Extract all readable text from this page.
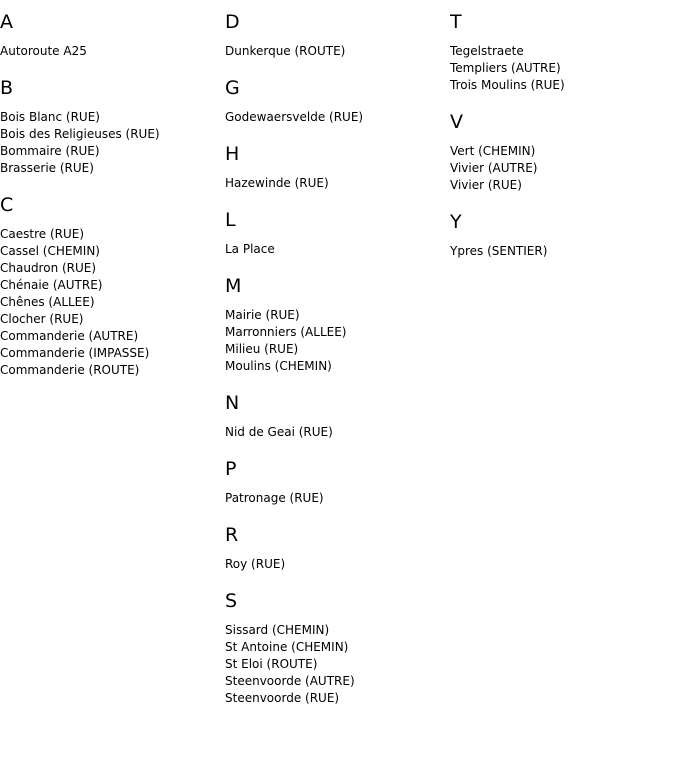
A
Autoroute A25
B
Bois Blanc (RUE)
Bois des Religieuses (RUE)
Bommaire (RUE)
Brasserie (RUE)
C
Caestre (RUE)
Cassel (CHEMIN)
Chaudron (RUE)
Chénaie (AUTRE)
Chênes (ALLEE)
Clocher (RUE)
Commanderie (AUTRE)
Commanderie (IMPASSE)
Commanderie (ROUTE)
D
Dunkerque (ROUTE)
G
Godewaersvelde (RUE)
H
Hazewinde (RUE)
L
La Place
M
Mairie (RUE)
Marronniers (ALLEE)
Milieu (RUE)
Moulins (CHEMIN)
N
Nid de Geai (RUE)
P
Patronage (RUE)
R
Roy (RUE)
S
Sissard (CHEMIN)
St Antoine (CHEMIN)
St Eloi (ROUTE)
Steenvoorde (AUTRE)
Steenvoorde (RUE)
T
Tegelstraete
Templiers (AUTRE)
Trois Moulins (RUE)
V
Vert (CHEMIN)
Vivier (AUTRE)
Vivier (RUE)
Y
Ypres (SENTIER)
